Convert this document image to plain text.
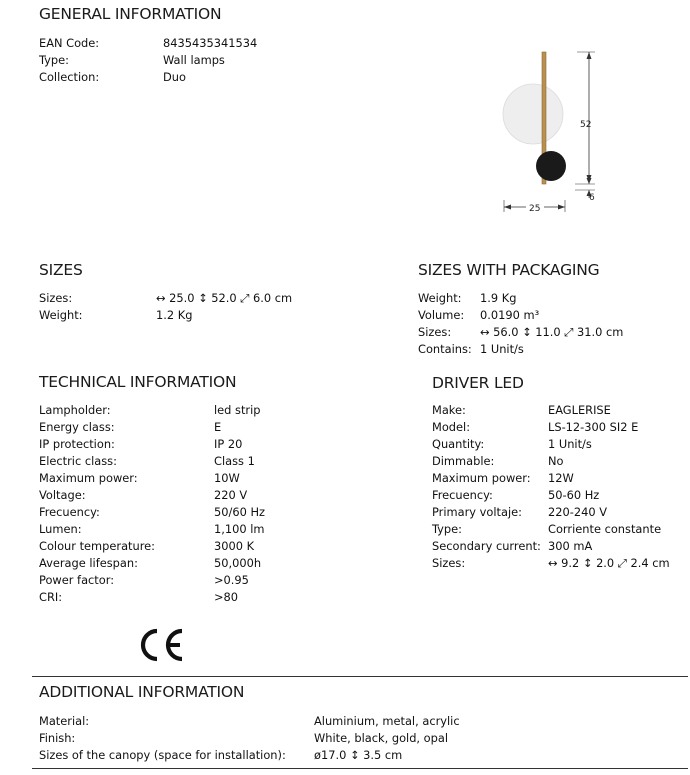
GENERAL INFORMATION
EAN Code:	8435435341534
Type:	Wall lamps
Collection:	Duo
52
6
25
SIZES
Sizes:	↔ 25.0 ↕ 52.0 ⤢ 6.0 cm
Weight:	1.2 Kg
SIZES WITH PACKAGING
Weight: 1.9 Kg
Volume: 0.0190 m³
Sizes:	↔ 56.0 ↕ 11.0 ⤢ 31.0 cm
Contains: 1 Unit/s
TECHNICAL INFORMATION
Lampholder:	led strip
Energy class:	E
IP protection:	IP 20
Electric class:	Class 1
Maximum power:	10W
Voltage:	220 V
Frecuency:	50/60 Hz
Lumen:	1,100 lm
Colour temperature:	3000 K
Average lifespan:	50,000h
Power factor:	>0.95
CRI:	>80
DRIVER LED
Make:	EAGLERISE
Model:	LS-12-300 SI2 E
Quantity:	1 Unit/s
Dimmable:	No
Maximum power: 12W
Frecuency:	50-60 Hz
Primary voltaje: 220-240 V
Type:	Corriente constante
Secondary current: 300 mA
Sizes:	↔ 9.2 ↕ 2.0 ⤢ 2.4 cm
ADDITIONAL INFORMATION
Material:	Aluminium, metal, acrylic
Finish:	White, black, gold, opal
Sizes of the canopy (space for installation): ø17.0 ↕ 3.5 cm
